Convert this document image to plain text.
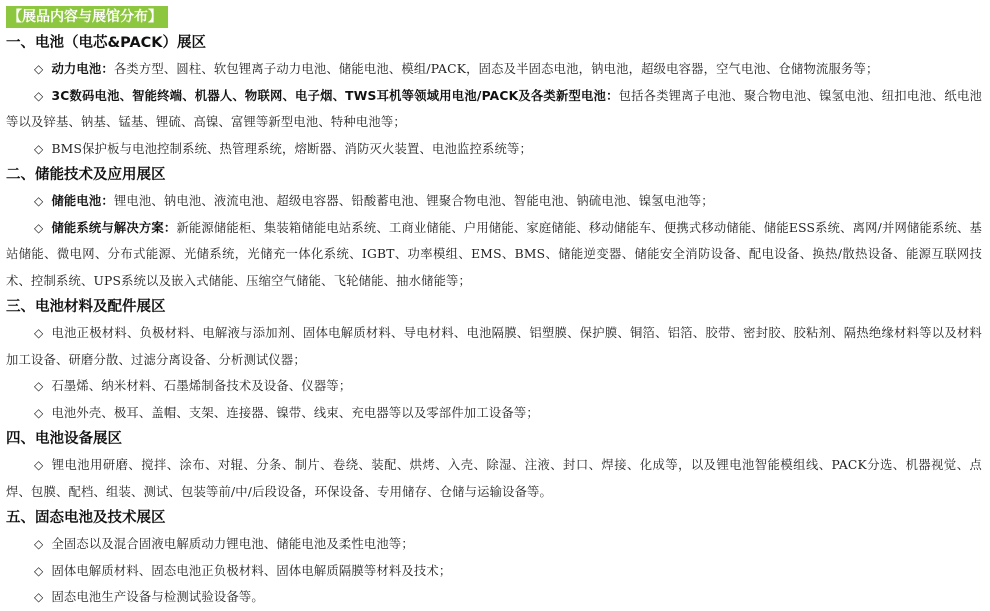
【展品内容与展馆分布】
一、电池（电芯&PACK）展区
◇ 动力电池：各类方型、圆柱、软包锂离子动力电池、储能电池、模组/PACK，固态及半固态电池，钠电池，超级电容器，空气电池、仓储物流服务等；
◇ 3C数码电池、智能终端、机器人、物联网、电子烟、TWS耳机等领域用电池/PACK及各类新型电池：包括各类锂离子电池、聚合物电池、镍氢电池、纽扣电池、纸电池等以及锌基、钠基、锰基、锂硫、高镍、富锂等新型电池、特种电池等；
◇ BMS保护板与电池控制系统、热管理系统，熔断器、消防灭火装置、电池监控系统等；
二、储能技术及应用展区
◇ 储能电池：锂电池、钠电池、液流电池、超级电容器、铅酸蓄电池、锂聚合物电池、智能电池、钠硫电池、镍氢电池等；
◇ 储能系统与解决方案：新能源储能柜、集装箱储能电站系统、工商业储能、户用储能、家庭储能、移动储能车、便携式移动储能、储能ESS系统、离网/并网储能系统、基站储能、微电网、分布式能源、光储系统，光储充一体化系统、IGBT、功率模组、EMS、BMS、储能逆变器、储能安全消防设备、配电设备、换热/散热设备、能源互联网技术、控制系统、UPS系统以及嵌入式储能、压缩空气储能、飞轮储能、抽水储能等；
三、电池材料及配件展区
◇ 电池正极材料、负极材料、电解液与添加剂、固体电解质材料、导电材料、电池隔膜、铝塑膜、保护膜、铜箔、铝箔、胶带、密封胶、胶粘剂、隔热绝缘材料等以及材料加工设备、研磨分散、过滤分离设备、分析测试仪器；
◇ 石墨烯、纳米材料、石墨烯制备技术及设备、仪器等；
◇ 电池外壳、极耳、盖帽、支架、连接器、镍带、线束、充电器等以及零部件加工设备等；
四、电池设备展区
◇ 锂电池用研磨、搅拌、涂布、对辊、分条、制片、卷绕、装配、烘烤、入壳、除湿、注液、封口、焊接、化成等，以及锂电池智能模组线、PACK分选、机器视觉、点焊、包膜、配档、组装、测试、包装等前/中/后段设备，环保设备、专用储存、仓储与运输设备等。
五、固态电池及技术展区
◇ 全固态以及混合固液电解质动力锂电池、储能电池及柔性电池等；
◇ 固体电解质材料、固态电池正负极材料、固体电解质隔膜等材料及技术；
◇ 固态电池生产设备与检测试验设备等。
